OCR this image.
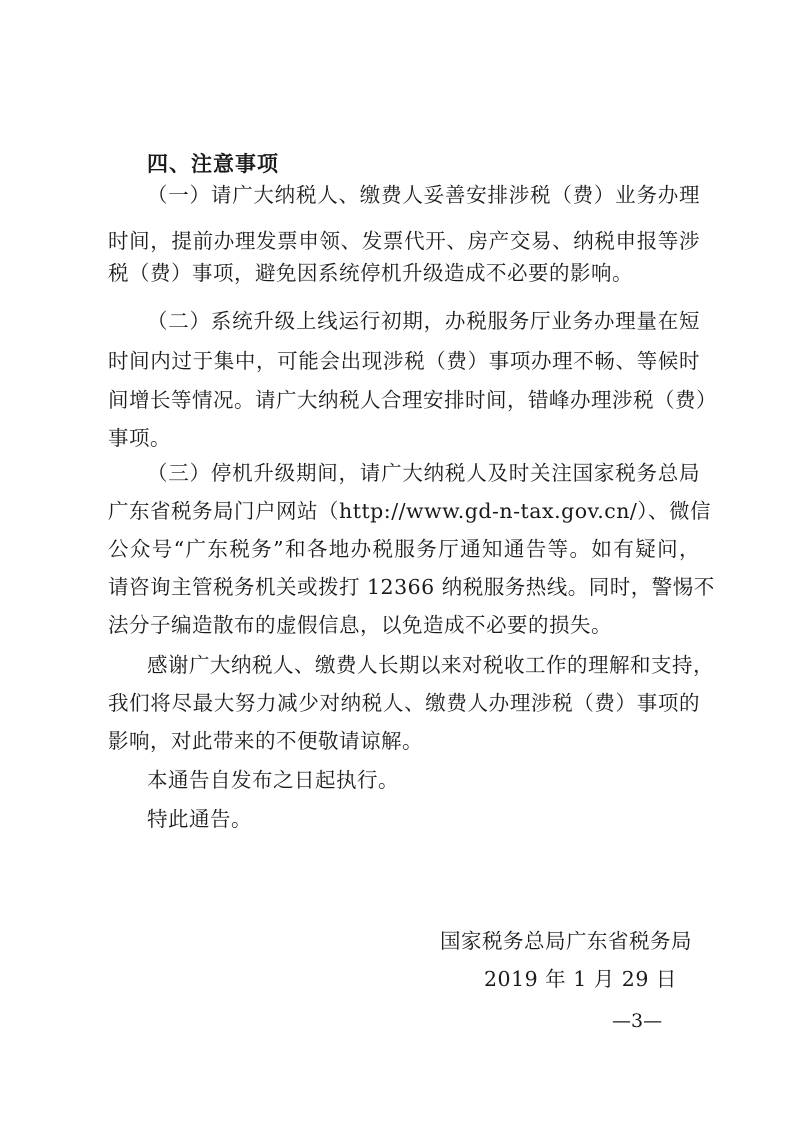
四、注意事项
（一）请广大纳税人、缴费人妥善安排涉税（费）业务办理
时间，提前办理发票申领、发票代开、房产交易、纳税申报等涉
税（费）事项，避免因系统停机升级造成不必要的影响。
（二）系统升级上线运行初期，办税服务厅业务办理量在短
时间内过于集中，可能会出现涉税（费）事项办理不畅、等候时
间增长等情况。请广大纳税人合理安排时间，错峰办理涉税（费）
事项。
（三）停机升级期间，请广大纳税人及时关注国家税务总局
广东省税务局门户网站（http://www.gd-n-tax.gov.cn/）、微信
公众号“广东税务”和各地办税服务厅通知通告等。如有疑问，
请咨询主管税务机关或拨打 12366 纳税服务热线。同时，警惕不
法分子编造散布的虚假信息，以免造成不必要的损失。
感谢广大纳税人、缴费人长期以来对税收工作的理解和支持，
我们将尽最大努力减少对纳税人、缴费人办理涉税（费）事项的
影响，对此带来的不便敬请谅解。
本通告自发布之日起执行。
特此通告。
国家税务总局广东省税务局
2019 年 1 月 29 日
—3—
